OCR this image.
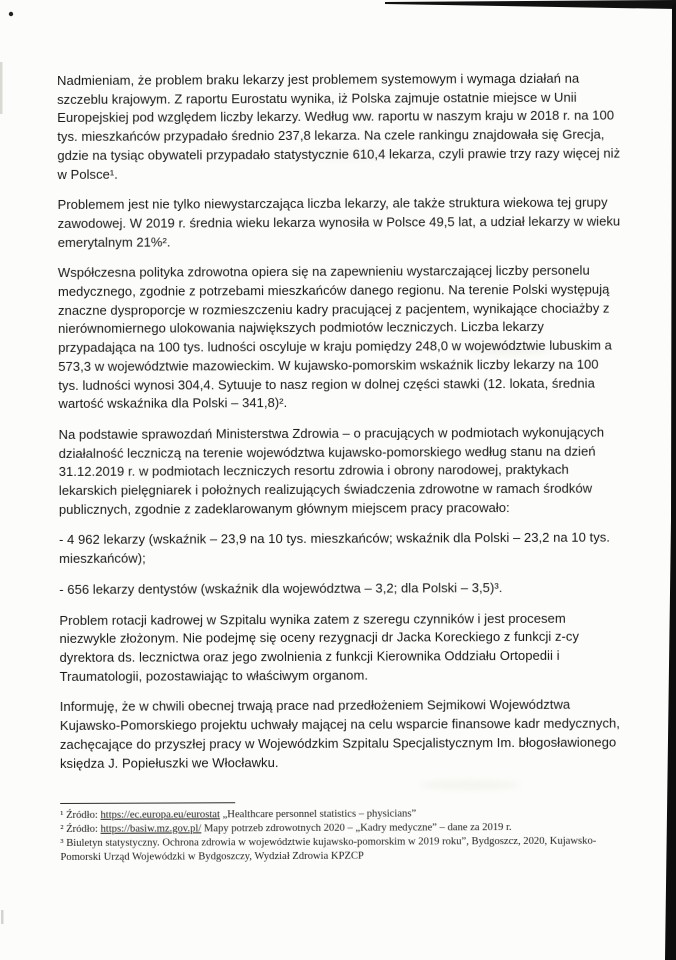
Nadmieniam, że problem braku lekarzy jest problemem systemowym i wymaga działań na szczeblu krajowym. Z raportu Eurostatu wynika, iż Polska zajmuje ostatnie miejsce w Unii Europejskiej pod względem liczby lekarzy. Według ww. raportu w naszym kraju w 2018 r. na 100 tys. mieszkańców przypadało średnio 237,8 lekarza. Na czele rankingu znajdowała się Grecja, gdzie na tysiąc obywateli przypadało statystycznie 610,4 lekarza, czyli prawie trzy razy więcej niż w Polsce¹.

Problemem jest nie tylko niewystarczająca liczba lekarzy, ale także struktura wiekowa tej grupy zawodowej. W 2019 r. średnia wieku lekarza wynosiła w Polsce 49,5 lat, a udział lekarzy w wieku emerytalnym 21%².

Współczesna polityka zdrowotna opiera się na zapewnieniu wystarczającej liczby personelu medycznego, zgodnie z potrzebami mieszkańców danego regionu. Na terenie Polski występują znaczne dysproporcje w rozmieszczeniu kadry pracującej z pacjentem, wynikające chociażby z nierównomiernego ulokowania największych podmiotów leczniczych. Liczba lekarzy przypadająca na 100 tys. ludności oscyluje w kraju pomiędzy 248,0 w województwie lubuskim a 573,3 w województwie mazowieckim. W kujawsko-pomorskim wskaźnik liczby lekarzy na 100 tys. ludności wynosi 304,4. Sytuuje to nasz region w dolnej części stawki (12. lokata, średnia wartość wskaźnika dla Polski – 341,8)².

Na podstawie sprawozdań Ministerstwa Zdrowia – o pracujących w podmiotach wykonujących działalność leczniczą na terenie województwa kujawsko-pomorskiego według stanu na dzień 31.12.2019 r. w podmiotach leczniczych resortu zdrowia i obrony narodowej, praktykach lekarskich pielęgniarek i położnych realizujących świadczenia zdrowotne w ramach środków publicznych, zgodnie z zadeklarowanym głównym miejscem pracy pracowało:

- 4 962 lekarzy (wskaźnik – 23,9 na 10 tys. mieszkańców; wskaźnik dla Polski – 23,2 na 10 tys. mieszkańców);

- 656 lekarzy dentystów (wskaźnik dla województwa – 3,2; dla Polski – 3,5)³.

Problem rotacji kadrowej w Szpitalu wynika zatem z szeregu czynników i jest procesem niezwykle złożonym. Nie podejmę się oceny rezygnacji dr Jacka Koreckiego z funkcji z-cy dyrektora ds. lecznictwa oraz jego zwolnienia z funkcji Kierownika Oddziału Ortopedii i Traumatologii, pozostawiając to właściwym organom.

Informuję, że w chwili obecnej trwają prace nad przedłożeniem Sejmikowi Województwa Kujawsko-Pomorskiego projektu uchwały mającej na celu wsparcie finansowe kadr medycznych, zachęcające do przyszłej pracy w Wojewódzkim Szpitalu Specjalistycznym Im. błogosławionego księdza J. Popiełuszki we Włocławku.

¹ Źródło: https://ec.europa.eu/eurostat „Healthcare personnel statistics – physicians”
² Źródło: https://basiw.mz.gov.pl/ Mapy potrzeb zdrowotnych 2020 – „Kadry medyczne” – dane za 2019 r.
³ Biuletyn statystyczny. Ochrona zdrowia w województwie kujawsko-pomorskim w 2019 roku”, Bydgoszcz, 2020, Kujawsko-Pomorski Urząd Wojewódzki w Bydgoszczy, Wydział Zdrowia KPZCP
